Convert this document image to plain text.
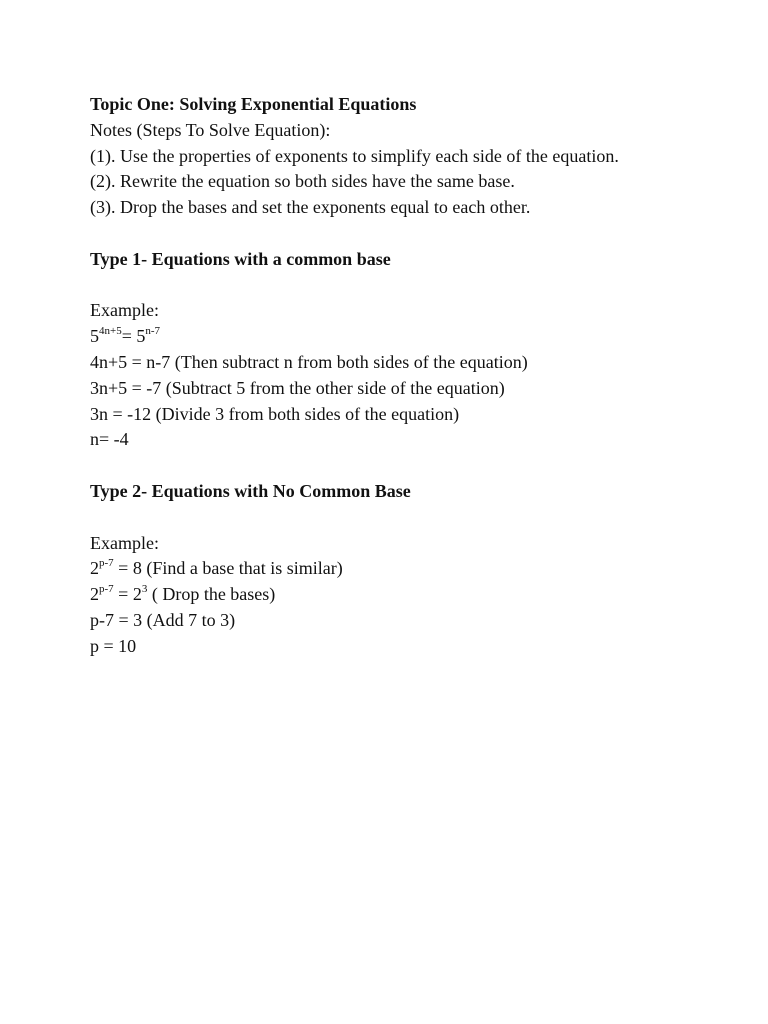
Topic One: Solving Exponential Equations
Notes (Steps To Solve Equation):
(1). Use the properties of exponents to simplify each side of the equation.
(2). Rewrite the equation so both sides have the same base.
(3). Drop the bases and set the exponents equal to each other.
Type 1- Equations with a common base
Example:
$5^{4n+5}= 5^{n-7}$
4n+5 = n-7 (Then subtract n from both sides of the equation)
3n+5 = -7 (Subtract 5 from the other side of the equation)
3n = -12 (Divide 3 from both sides of the equation)
n= -4
Type 2- Equations with No Common Base
Example:
$2^{p-7} = 8$ (Find a base that is similar)
$2^{p-7} = 2^3$ ( Drop the bases)
p-7 = 3 (Add 7 to 3)
p = 10
